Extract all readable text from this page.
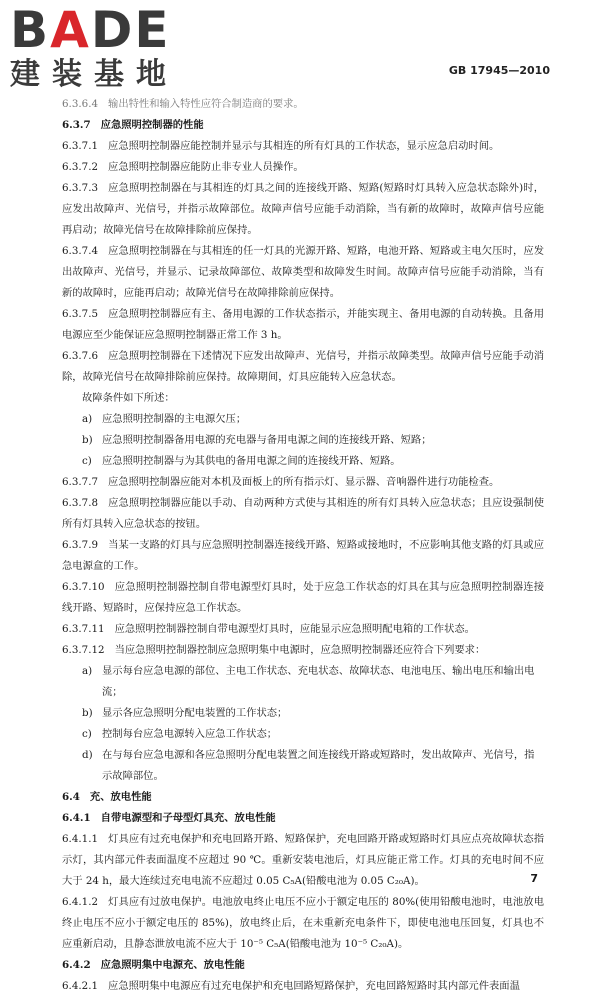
BADE
建装基地	GB 17945—2010

6.3.6.4 输出特性和输入特性应符合制造商的要求。

6.3.7 应急照明控制器的性能

6.3.7.1 应急照明控制器应能控制并显示与其相连的所有灯具的工作状态，显示应急启动时间。

6.3.7.2 应急照明控制器应能防止非专业人员操作。

6.3.7.3 应急照明控制器在与其相连的灯具之间的连接线开路、短路(短路时灯具转入应急状态除外)时，应发出故障声、光信号，并指示故障部位。故障声信号应能手动消除，当有新的故障时，故障声信号应能再启动；故障光信号在故障排除前应保持。

6.3.7.4 应急照明控制器在与其相连的任一灯具的光源开路、短路，电池开路、短路或主电欠压时，应发出故障声、光信号，并显示、记录故障部位、故障类型和故障发生时间。故障声信号应能手动消除，当有新的故障时，应能再启动；故障光信号在故障排除前应保持。

6.3.7.5 应急照明控制器应有主、备用电源的工作状态指示，并能实现主、备用电源的自动转换。且备用电源应至少能保证应急照明控制器正常工作 3 h。

6.3.7.6 应急照明控制器在下述情况下应发出故障声、光信号，并指示故障类型。故障声信号应能手动消除，故障光信号在故障排除前应保持。故障期间，灯具应能转入应急状态。

故障条件如下所述：

a) 应急照明控制器的主电源欠压；
b) 应急照明控制器备用电源的充电器与备用电源之间的连接线开路、短路；
c) 应急照明控制器与为其供电的备用电源之间的连接线开路、短路。

6.3.7.7 应急照明控制器应能对本机及面板上的所有指示灯、显示器、音响器件进行功能检查。

6.3.7.8 应急照明控制器应能以手动、自动两种方式使与其相连的所有灯具转入应急状态；且应设强制使所有灯具转入应急状态的按钮。

6.3.7.9 当某一支路的灯具与应急照明控制器连接线开路、短路或接地时，不应影响其他支路的灯具或应急电源盒的工作。

6.3.7.10 应急照明控制器控制自带电源型灯具时，处于应急工作状态的灯具在其与应急照明控制器连接线开路、短路时，应保持应急工作状态。

6.3.7.11 应急照明控制器控制自带电源型灯具时，应能显示应急照明配电箱的工作状态。

6.3.7.12 当应急照明控制器控制应急照明集中电源时，应急照明控制器还应符合下列要求：

a) 显示每台应急电源的部位、主电工作状态、充电状态、故障状态、电池电压、输出电压和输出电流；
b) 显示各应急照明分配电装置的工作状态；
c) 控制每台应急电源转入应急工作状态；
d) 在与每台应急电源和各应急照明分配电装置之间连接线开路或短路时，发出故障声、光信号，指示故障部位。

6.4 充、放电性能

6.4.1 自带电源型和子母型灯具充、放电性能

6.4.1.1 灯具应有过充电保护和充电回路开路、短路保护，充电回路开路或短路时灯具应点亮故障状态指示灯，其内部元件表面温度不应超过 90 ℃。重新安装电池后，灯具应能正常工作。灯具的充电时间不应大于 24 h，最大连续过充电电流不应超过 0.05 C₅A(铅酸电池为 0.05 C₂₀A)。

6.4.1.2 灯具应有过放电保护。电池放电终止电压不应小于额定电压的 80%(使用铅酸电池时，电池放电终止电压不应小于额定电压的 85%)，放电终止后，在未重新充电条件下，即使电池电压回复，灯具也不应重新启动，且静态泄放电流不应大于 10⁻⁵ C₅A(铅酸电池为 10⁻⁵ C₂₀A)。

6.4.2 应急照明集中电源充、放电性能

6.4.2.1 应急照明集中电源应有过充电保护和充电回路短路保护，充电回路短路时其内部元件表面温

7
